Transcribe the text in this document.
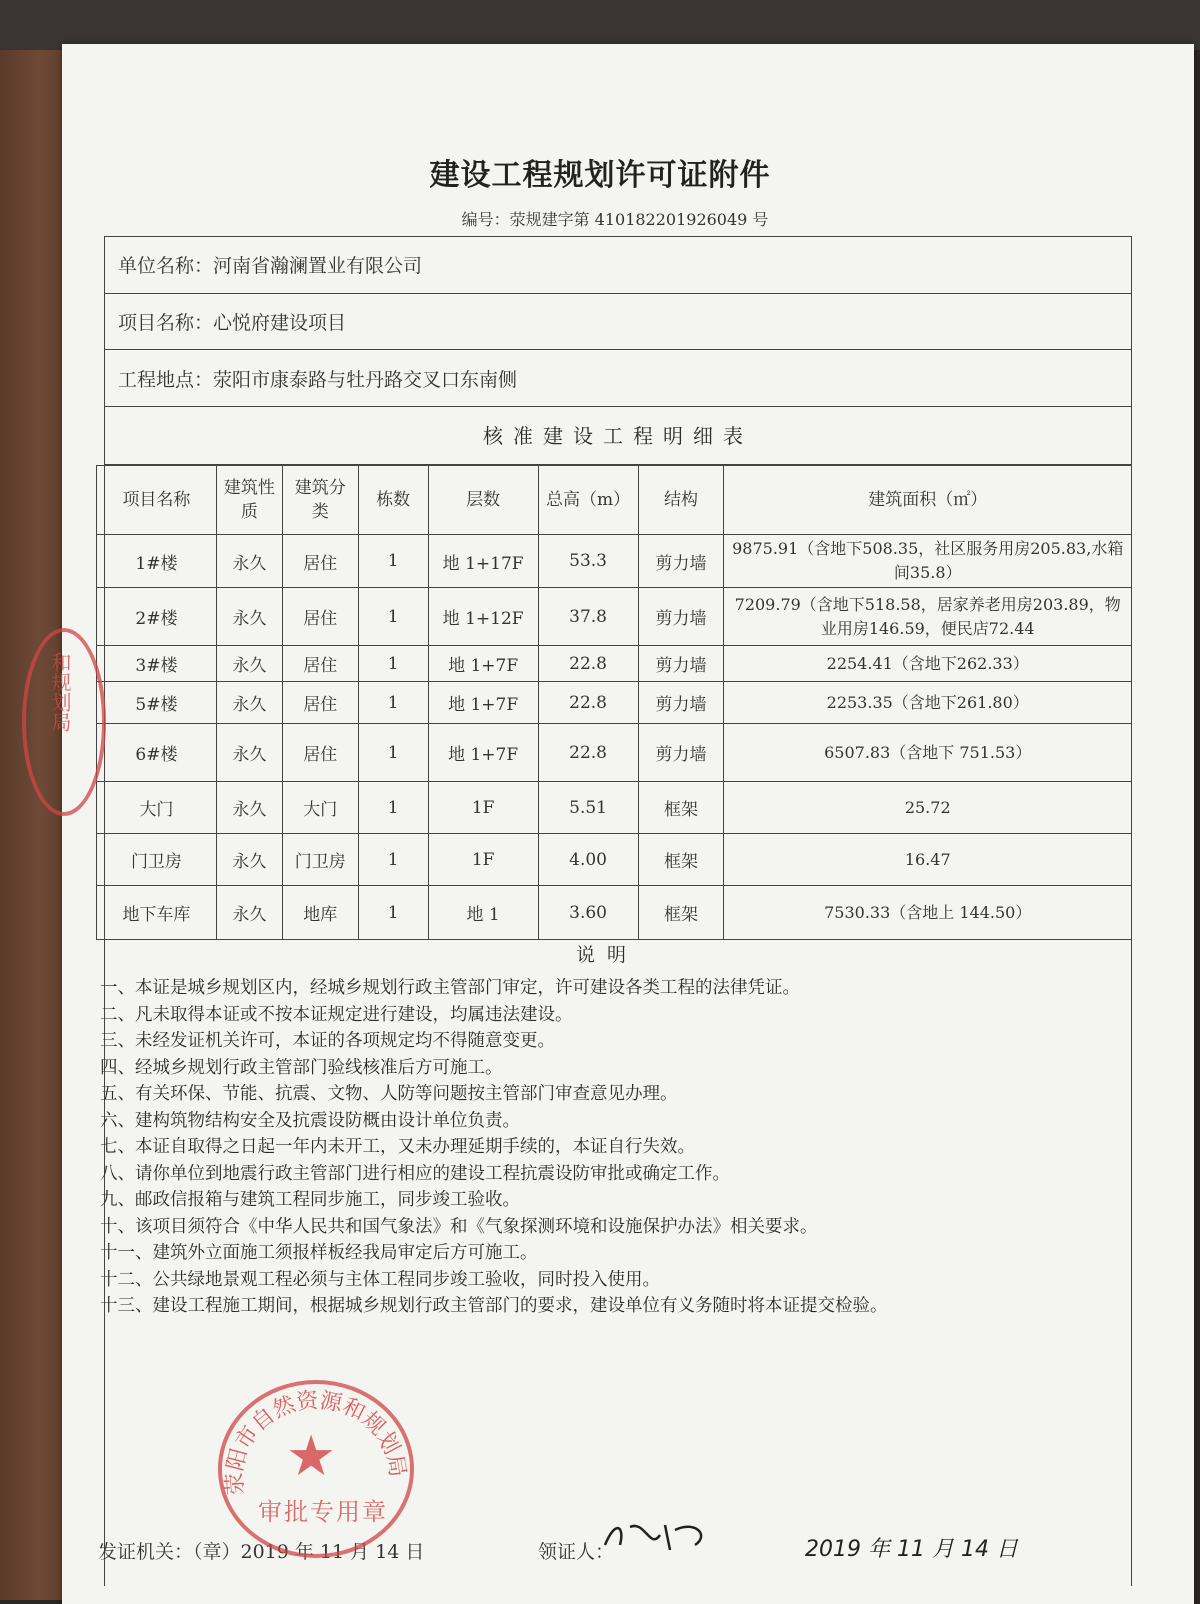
建设工程规划许可证附件
编号：荥规建字第 410182201926049 号
单位名称： 河南省瀚澜置业有限公司
项目名称： 心悦府建设项目
工程地点： 荥阳市康泰路与牡丹路交叉口东南侧
核准建设工程明细表
项目名称	建筑性质	建筑分类	栋数	层数	总高（m）	结构	建筑面积（㎡）
1#楼	永久	居住	1	地 1+17F	53.3	剪力墙	9875.91（含地下508.35，社区服务用房205.83,水箱间35.8）
2#楼	永久	居住	1	地 1+12F	37.8	剪力墙	7209.79（含地下518.58，居家养老用房203.89，物业用房146.59，便民店72.44
3#楼	永久	居住	1	地 1+7F	22.8	剪力墙	2254.41（含地下262.33）
5#楼	永久	居住	1	地 1+7F	22.8	剪力墙	2253.35（含地下261.80）
6#楼	永久	居住	1	地 1+7F	22.8	剪力墙	6507.83（含地下 751.53）
大门	永久	大门	1	1F	5.51	框架	25.72
门卫房	永久	门卫房	1	1F	4.00	框架	16.47
地下车库	永久	地库	1	地 1	3.60	框架	7530.33（含地上 144.50）
说明
一、本证是城乡规划区内，经城乡规划行政主管部门审定，许可建设各类工程的法律凭证。
二、凡未取得本证或不按本证规定进行建设，均属违法建设。
三、未经发证机关许可，本证的各项规定均不得随意变更。
四、经城乡规划行政主管部门验线核准后方可施工。
五、有关环保、节能、抗震、文物、人防等问题按主管部门审查意见办理。
六、建构筑物结构安全及抗震设防概由设计单位负责。
七、本证自取得之日起一年内未开工，又未办理延期手续的，本证自行失效。
八、请你单位到地震行政主管部门进行相应的建设工程抗震设防审批或确定工作。
九、邮政信报箱与建筑工程同步施工，同步竣工验收。
十、该项目须符合《中华人民共和国气象法》和《气象探测环境和设施保护办法》相关要求。
十一、建筑外立面施工须报样板经我局审定后方可施工。
十二、公共绿地景观工程必须与主体工程同步竣工验收，同时投入使用。
十三、建设工程施工期间，根据城乡规划行政主管部门的要求，建设单位有义务随时将本证提交检验。
发证机关：（章）2019 年 11 月 14 日	领证人：	2019 年 11 月 14 日
荥阳市自然资源和规划局
★
审批专用章
和规划局
